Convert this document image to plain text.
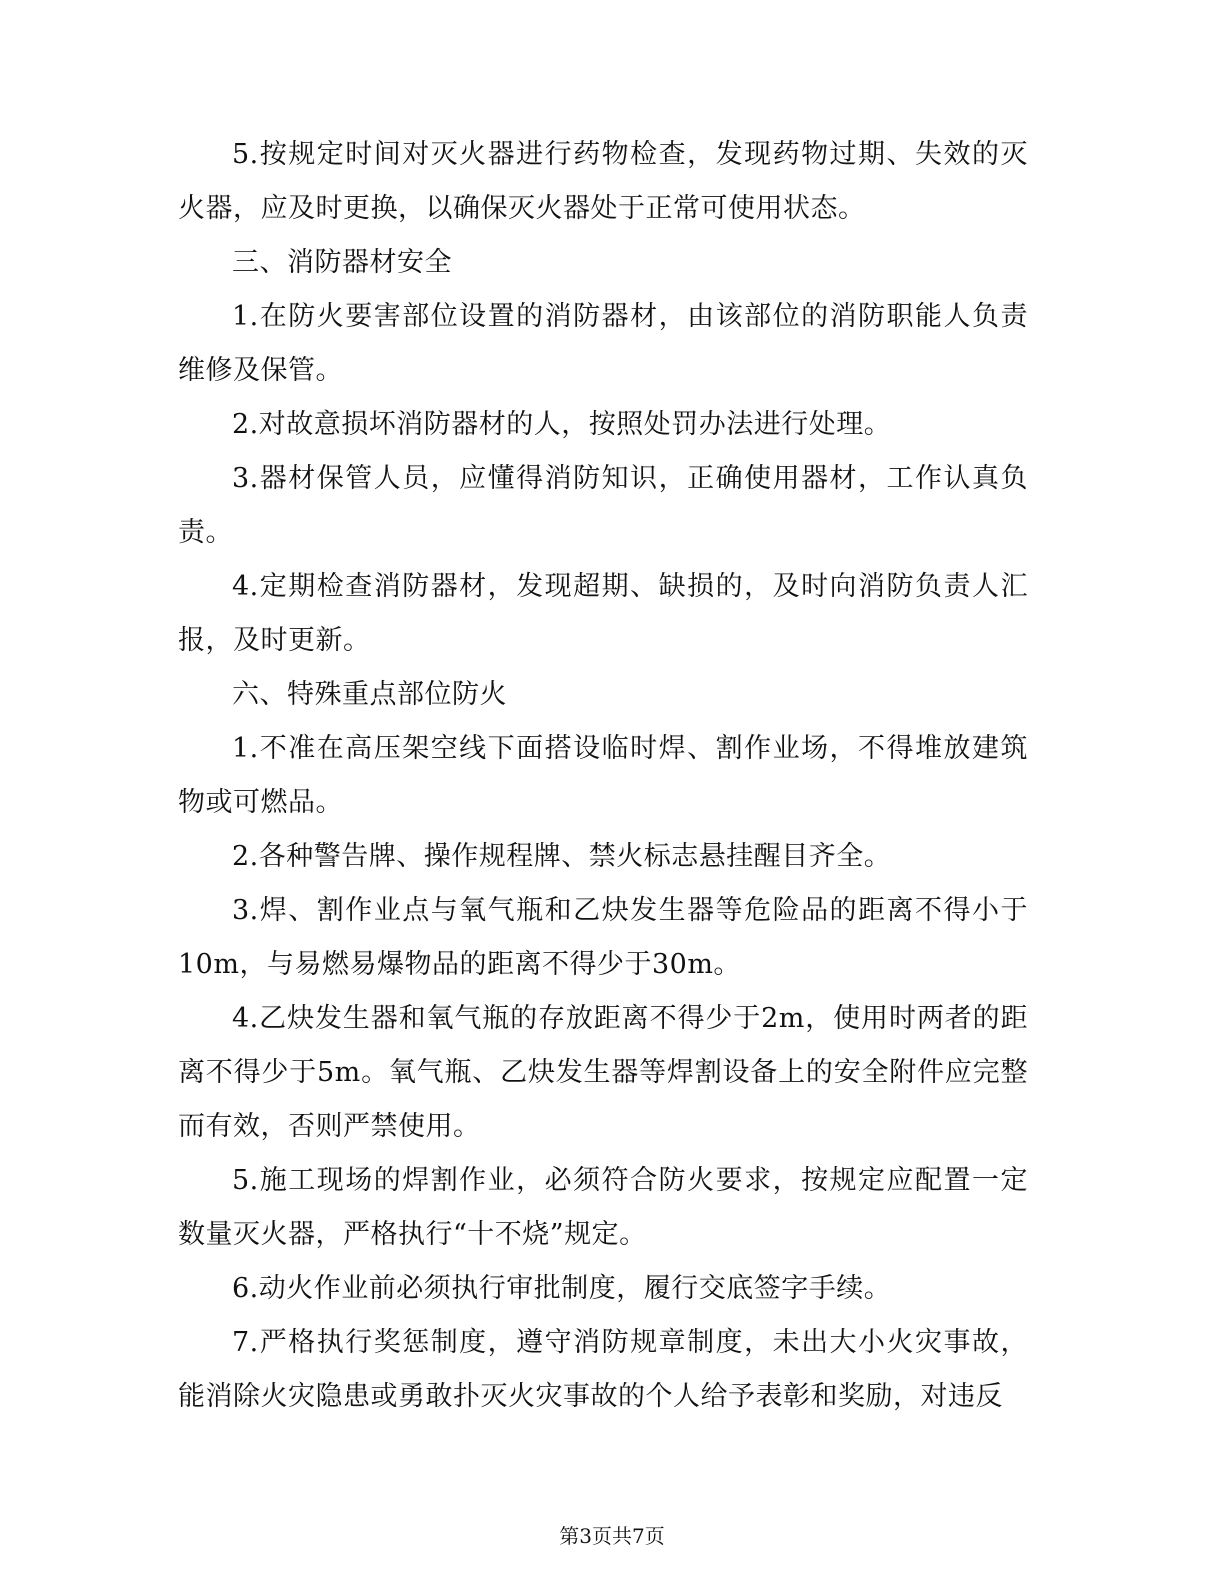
5.按规定时间对灭火器进行药物检查，发现药物过期、失效的灭火器，应及时更换，以确保灭火器处于正常可使用状态。

三、消防器材安全

1.在防火要害部位设置的消防器材，由该部位的消防职能人负责维修及保管。

2.对故意损坏消防器材的人，按照处罚办法进行处理。

3.器材保管人员，应懂得消防知识，正确使用器材，工作认真负责。

4.定期检查消防器材，发现超期、缺损的，及时向消防负责人汇报，及时更新。

六、特殊重点部位防火

1.不准在高压架空线下面搭设临时焊、割作业场，不得堆放建筑物或可燃品。

2.各种警告牌、操作规程牌、禁火标志悬挂醒目齐全。

3.焊、割作业点与氧气瓶和乙炔发生器等危险品的距离不得小于10m，与易燃易爆物品的距离不得少于30m。

4.乙炔发生器和氧气瓶的存放距离不得少于2m，使用时两者的距离不得少于5m。氧气瓶、乙炔发生器等焊割设备上的安全附件应完整而有效，否则严禁使用。

5.施工现场的焊割作业，必须符合防火要求，按规定应配置一定数量灭火器，严格执行“十不烧”规定。

6.动火作业前必须执行审批制度，履行交底签字手续。

7.严格执行奖惩制度，遵守消防规章制度，未出大小火灾事故，能消除火灾隐患或勇敢扑灭火灾事故的个人给予表彰和奖励，对违反

第3页共7页
